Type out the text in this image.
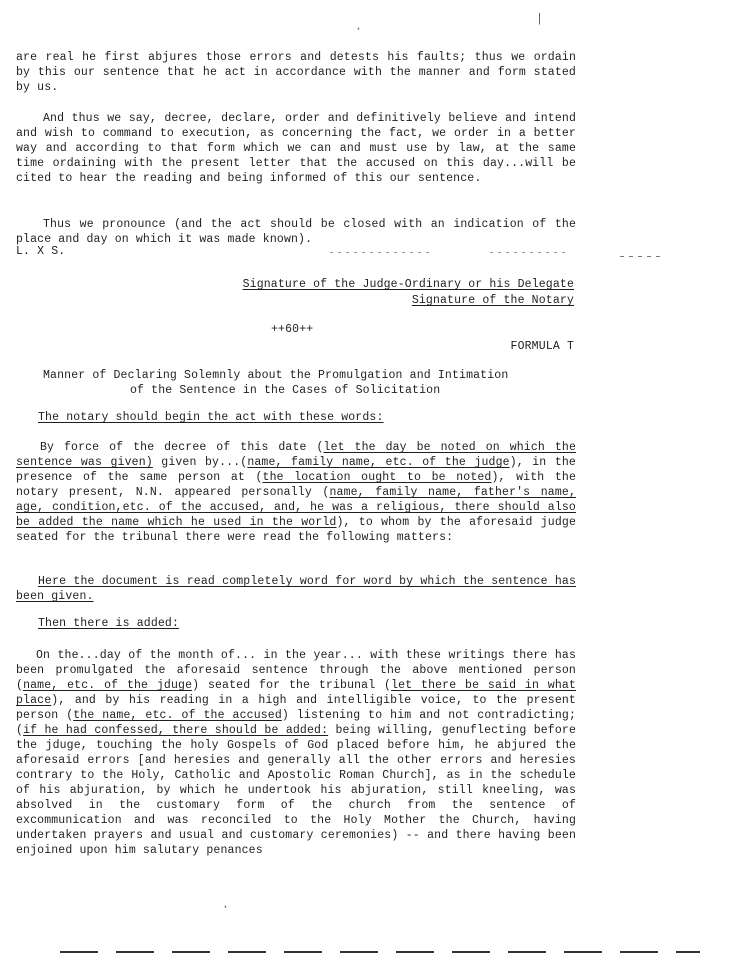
|
·

are real he first abjures those errors and detests his faults; thus we ordain by this our sentence that he act in accordance with the manner and form stated by us.

And thus we say, decree, declare, order and definitively believe and intend and wish to command to execution, as concerning the fact, we order in a better way and according to that form which we can and must use by law, at the same time ordaining with the present letter that the accused on this day...will be cited to hear the reading and being informed of this our sentence.

Thus we pronounce (and the act should be closed with an indication of the place and day on which it was made known).

L. X S.
Signature of the Judge-Ordinary or his Delegate
Signature of the Notary
++60++
FORMULA T
Manner of Declaring Solemnly about the Promulgation and Intimation
of the Sentence in the Cases of Solicitation
The notary should begin the act with these words:

By force of the decree of this date (let the day be noted on which the sentence was given) given by...(name, family name, etc. of the judge), in the presence of the same person at (the location ought to be noted), with the notary present, N.N. appeared personally (name, family name, father's name, age, condition,etc. of the accused, and, he was a religious, there should also be added the name which he used in the world), to whom by the aforesaid judge seated for the tribunal there were read the following matters:

Here the document is read completely word for word by which the sentence has been given.

Then there is added:

On the...day of the month of... in the year... with these writings there has been promulgated the aforesaid sentence through the above mentioned person (name, etc. of the jduge) seated for the tribunal (let there be said in what place), and by his reading in a high and intelligible voice, to the present person (the name, etc. of the accused) listening to him and not contradicting; (if he had confessed, there should be added: being willing, genuflecting before the jduge, touching the holy Gospels of God placed before him, he abjured the aforesaid errors [and heresies and generally all the other errors and heresies contrary to the Holy, Catholic and Apostolic Roman Church], as in the schedule of his abjuration, by which he undertook his abjuration, still kneeling, was absolved in the customary form of the church from the sentence of excommunication and was reconciled to the Holy Mother the Church, having undertaken prayers and usual and customary ceremonies) -- and there having been enjoined upon him salutary penances

·
